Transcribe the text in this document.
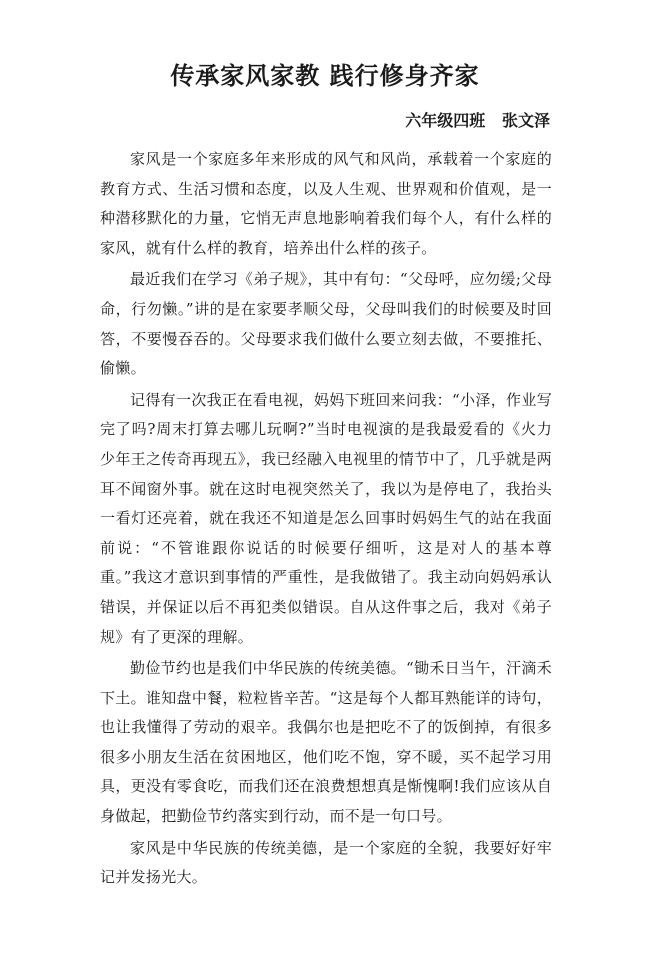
传承家风家教 践行修身齐家

六年级四班   张文泽

家风是一个家庭多年来形成的风气和风尚，承载着一个家庭的教育方式、生活习惯和态度，以及人生观、世界观和价值观，是一种潜移默化的力量，它悄无声息地影响着我们每个人，有什么样的家风，就有什么样的教育，培养出什么样的孩子。

最近我们在学习《弟子规》，其中有句：“父母呼，应勿缓;父母命，行勿懒。”讲的是在家要孝顺父母，父母叫我们的时候要及时回答，不要慢吞吞的。父母要求我们做什么要立刻去做，不要推托、偷懒。

记得有一次我正在看电视，妈妈下班回来问我：“小泽，作业写完了吗?周末打算去哪儿玩啊?”当时电视演的是我最爱看的《火力少年王之传奇再现五》，我已经融入电视里的情节中了，几乎就是两耳不闻窗外事。就在这时电视突然关了，我以为是停电了，我抬头一看灯还亮着，就在我还不知道是怎么回事时妈妈生气的站在我面前说：“不管谁跟你说话的时候要仔细听，这是对人的基本尊重。”我这才意识到事情的严重性，是我做错了。我主动向妈妈承认错误，并保证以后不再犯类似错误。自从这件事之后，我对《弟子规》有了更深的理解。

勤俭节约也是我们中华民族的传统美德。“锄禾日当午，汗滴禾下土。谁知盘中餐，粒粒皆辛苦。“这是每个人都耳熟能详的诗句，也让我懂得了劳动的艰辛。我偶尔也是把吃不了的饭倒掉，有很多很多小朋友生活在贫困地区，他们吃不饱，穿不暖，买不起学习用具，更没有零食吃，而我们还在浪费想想真是惭愧啊!我们应该从自身做起，把勤俭节约落实到行动，而不是一句口号。

家风是中华民族的传统美德，是一个家庭的全貌，我要好好牢记并发扬光大。
